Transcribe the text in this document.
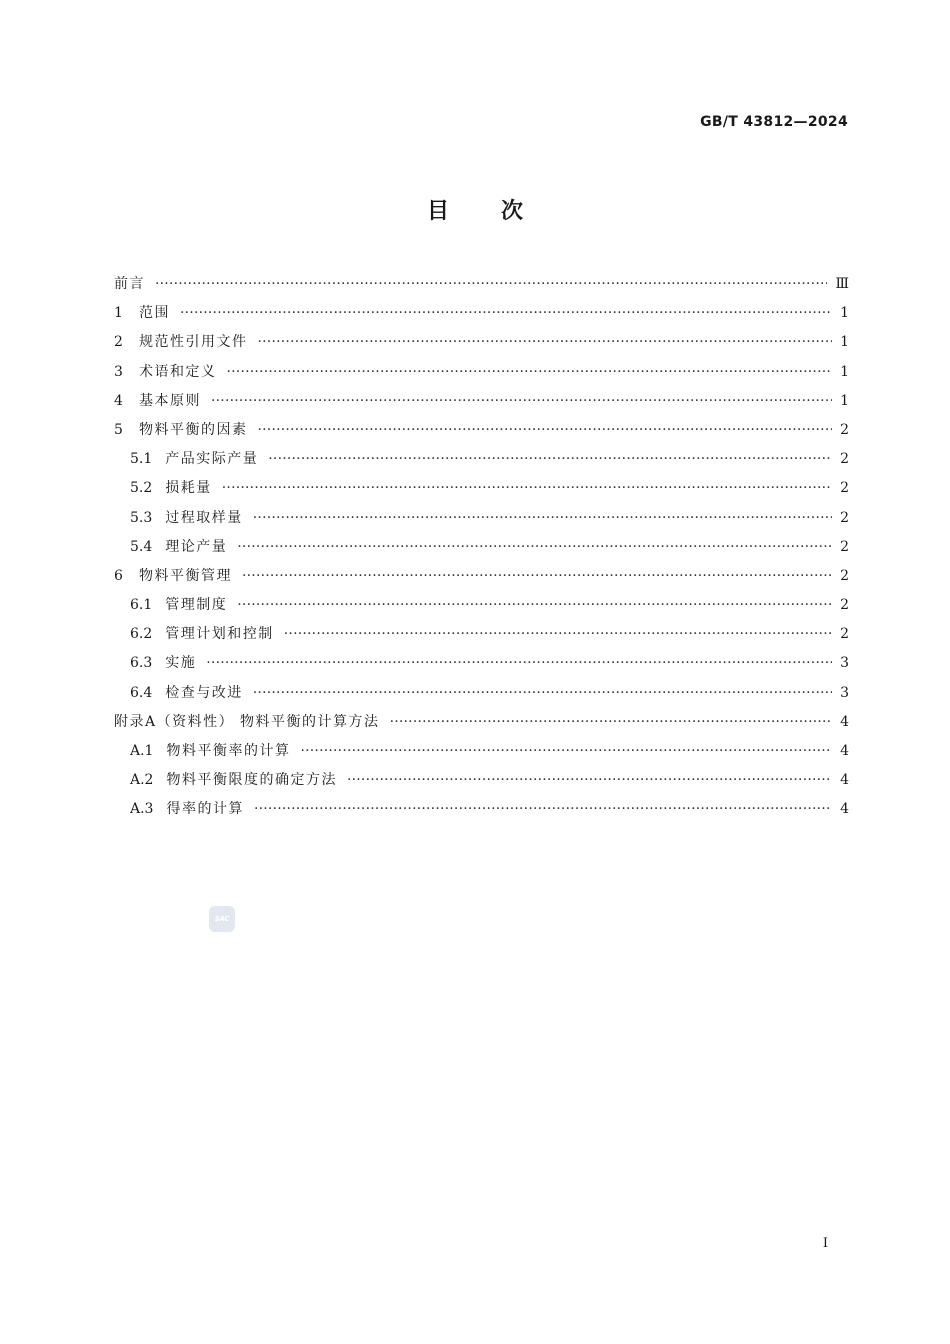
GB/T 43812—2024
目次
前言 ·····	Ⅲ
1 范围 ·····	1
2 规范性引用文件 ·····	1
3 术语和定义 ·····	1
4 基本原则 ·····	1
5 物料平衡的因素 ·····	2
5.1 产品实际产量 ·····	2
5.2 损耗量 ·····	2
5.3 过程取样量 ·····	2
5.4 理论产量 ·····	2
6 物料平衡管理 ·····	2
6.1 管理制度 ·····	2
6.2 管理计划和控制 ·····	2
6.3 实施 ·····	3
6.4 检查与改进 ·····	3
附录A（资料性） 物料平衡的计算方法 ·····	4
A.1 物料平衡率的计算 ·····	4
A.2 物料平衡限度的确定方法 ·····	4
A.3 得率的计算 ·····	4
SAC
I
